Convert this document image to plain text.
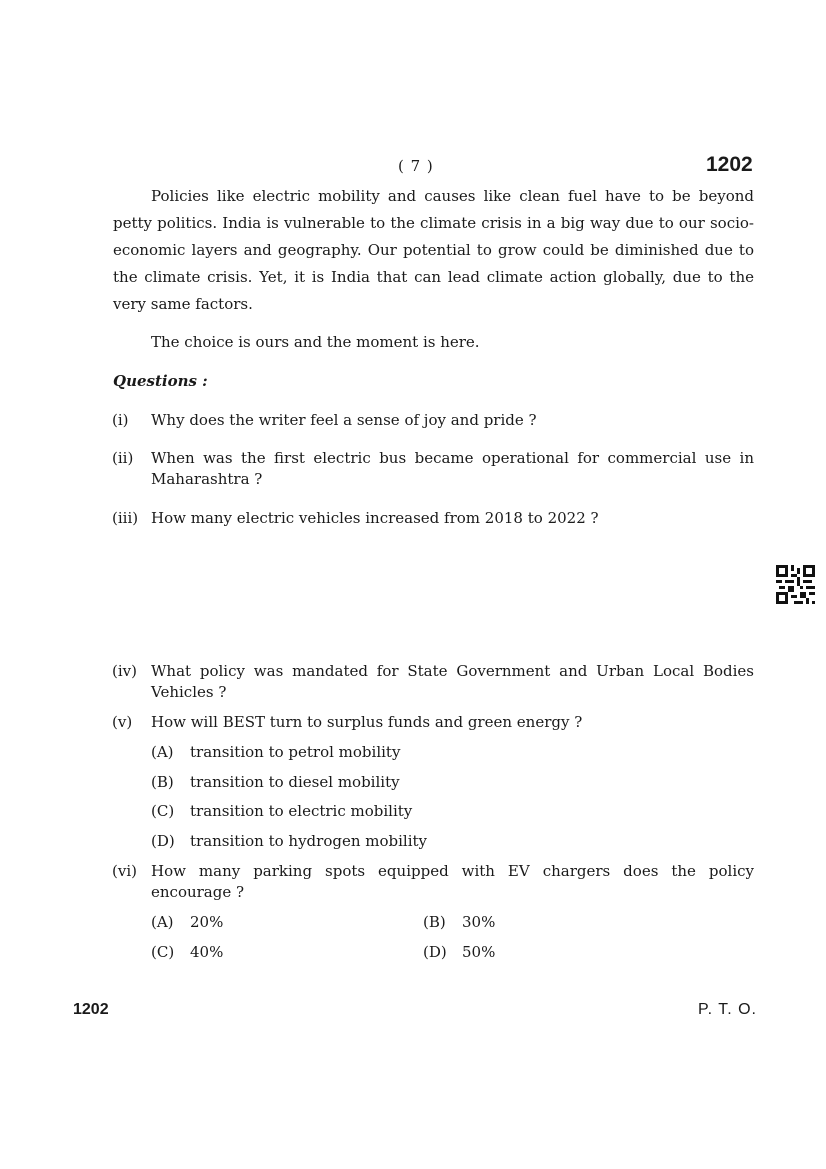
( 7 )	1202
Policies like electric mobility and causes like clean fuel have to be beyond petty politics. India is vulnerable to the climate crisis in a big way due to our socio-economic layers and geography. Our potential to grow could be diminished due to the climate crisis. Yet, it is India that can lead climate action globally, due to the very same factors.
The choice is ours and the moment is here.
Questions :
(i) Why does the writer feel a sense of joy and pride ?
(ii) When was the first electric bus became operational for commercial use in Maharashtra ?
(iii) How many electric vehicles increased from 2018 to 2022 ?
(iv) What policy was mandated for State Government and Urban Local Bodies Vehicles ?
(v) How will BEST turn to surplus funds and green energy ?
(A) transition to petrol mobility
(B) transition to diesel mobility
(C) transition to electric mobility
(D) transition to hydrogen mobility
(vi) How many parking spots equipped with EV chargers does the policy encourage ?
(A) 20%	(B) 30%
(C) 40%	(D) 50%
1202	P. T. O.
